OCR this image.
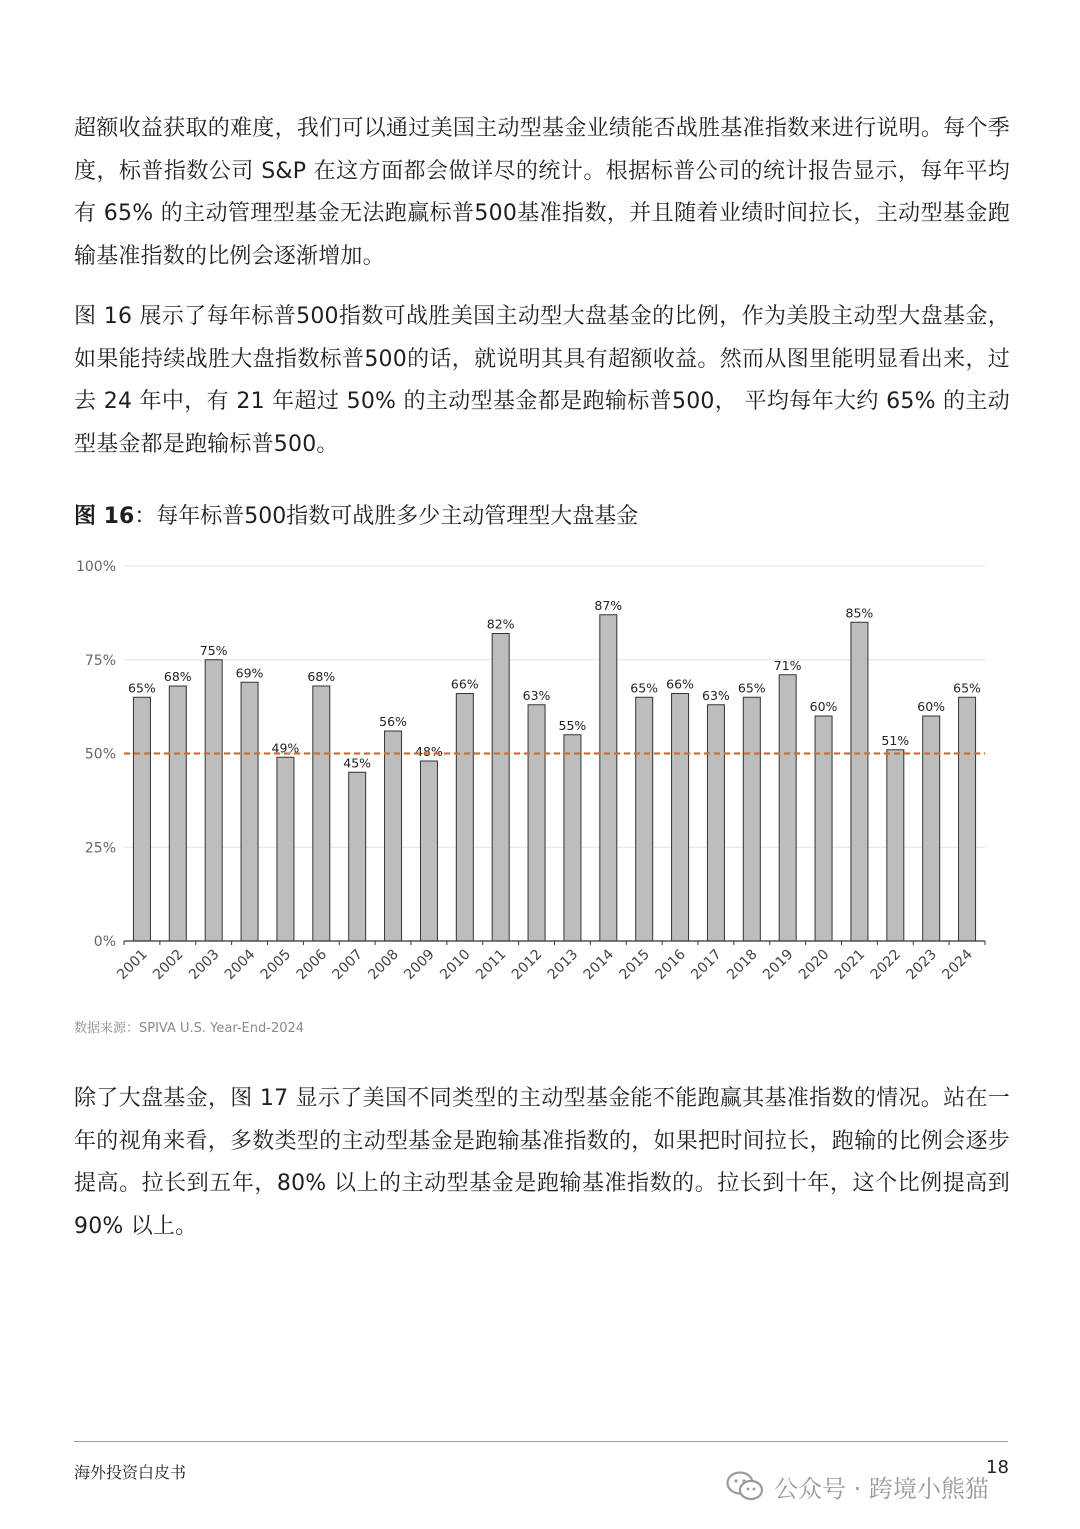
超额收益获取的难度，我们可以通过美国主动型基金业绩能否战胜基准指数来进行说明。每个季度，标普指数公司 S&P 在这方面都会做详尽的统计。根据标普公司的统计报告显示，每年平均有 65% 的主动管理型基金无法跑赢标普500基准指数，并且随着业绩时间拉长，主动型基金跑输基准指数的比例会逐渐增加。

图 16 展示了每年标普500指数可战胜美国主动型大盘基金的比例，作为美股主动型大盘基金，如果能持续战胜大盘指数标普500的话，就说明其具有超额收益。然而从图里能明显看出来，过去 24 年中，有 21 年超过 50% 的主动型基金都是跑输标普500， 平均每年大约 65% 的主动型基金都是跑输标普500。

图 16：每年标普500指数可战胜多少主动管理型大盘基金
0%
25%
50%
75%
100%
65%
68%
75%
69%
49%
68%
45%
56%
48%
66%
82%
63%
55%
87%
65% 66%
63% 65%
71%
60%
85%
51%
60%
65%
2001 2002 2003 2004 2005 2006 2007 2008 2009 2010 2011 2012 2013 2014 2015 2016 2017 2018 2019 2020 2021 2022 2023 2024

数据来源：SPIVA U.S. Year-End-2024

除了大盘基金，图 17 显示了美国不同类型的主动型基金能不能跑赢其基准指数的情况。站在一年的视角来看，多数类型的主动型基金是跑输基准指数的，如果把时间拉长，跑输的比例会逐步提高。拉长到五年，80% 以上的主动型基金是跑输基准指数的。拉长到十年，这个比例提高到 90% 以上。

海外投资白皮书
公众号 · 跨境小熊猫
18
